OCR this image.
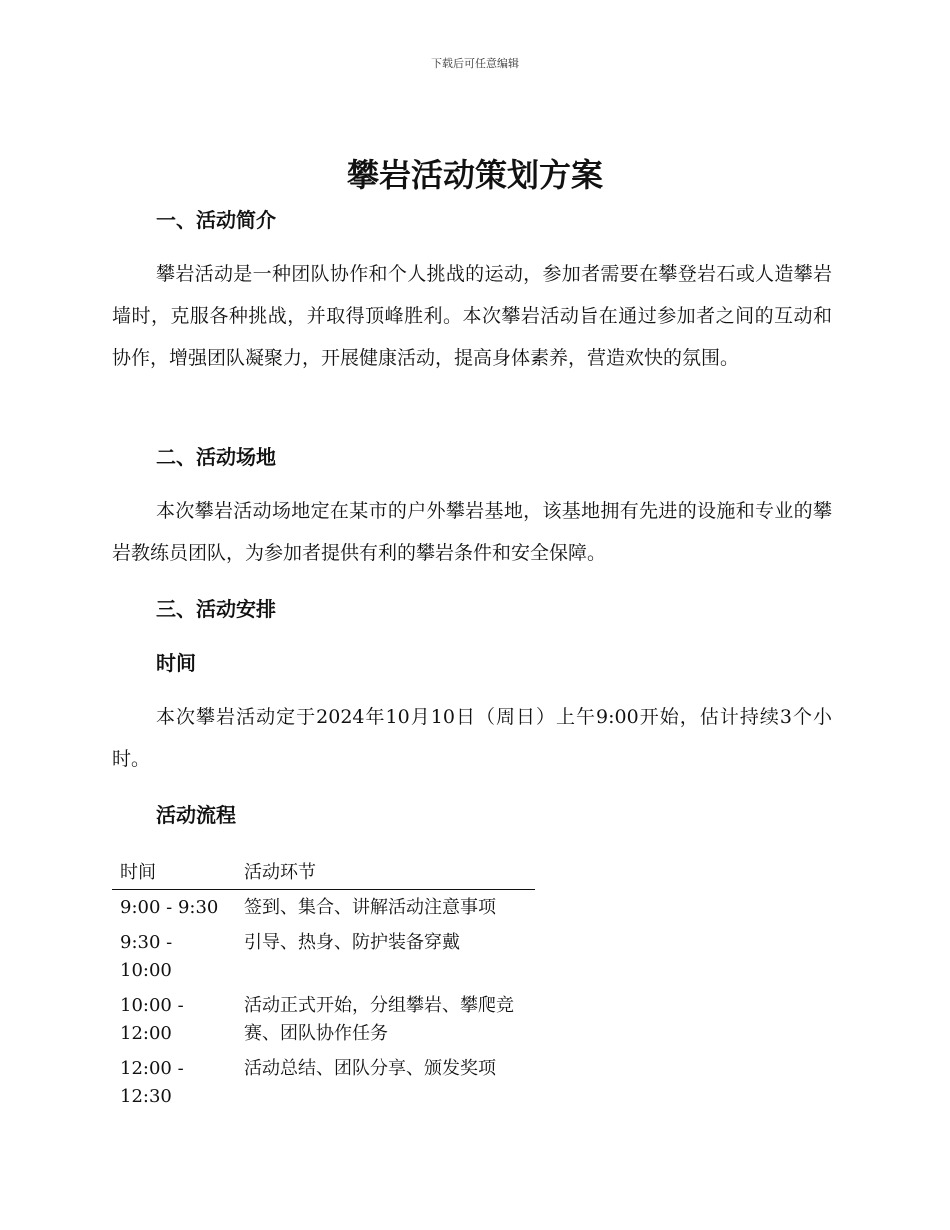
下载后可任意编辑
攀岩活动策划方案
一、活动简介

攀岩活动是一种团队协作和个人挑战的运动，参加者需要在攀登岩石或人造攀岩墙时，克服各种挑战，并取得顶峰胜利。本次攀岩活动旨在通过参加者之间的互动和协作，增强团队凝聚力，开展健康活动，提高身体素养，营造欢快的氛围。

二、活动场地

本次攀岩活动场地定在某市的户外攀岩基地，该基地拥有先进的设施和专业的攀岩教练员团队，为参加者提供有利的攀岩条件和安全保障。

三、活动安排
时间

本次攀岩活动定于2024年10月10日（周日）上午9:00开始，估计持续3个小时。

活动流程
时间	活动环节
9:00 - 9:30	签到、集合、讲解活动注意事项
9:30 - 10:00	引导、热身、防护装备穿戴
10:00 - 12:00	活动正式开始，分组攀岩、攀爬竞赛、团队协作任务
12:00 - 12:30	活动总结、团队分享、颁发奖项
